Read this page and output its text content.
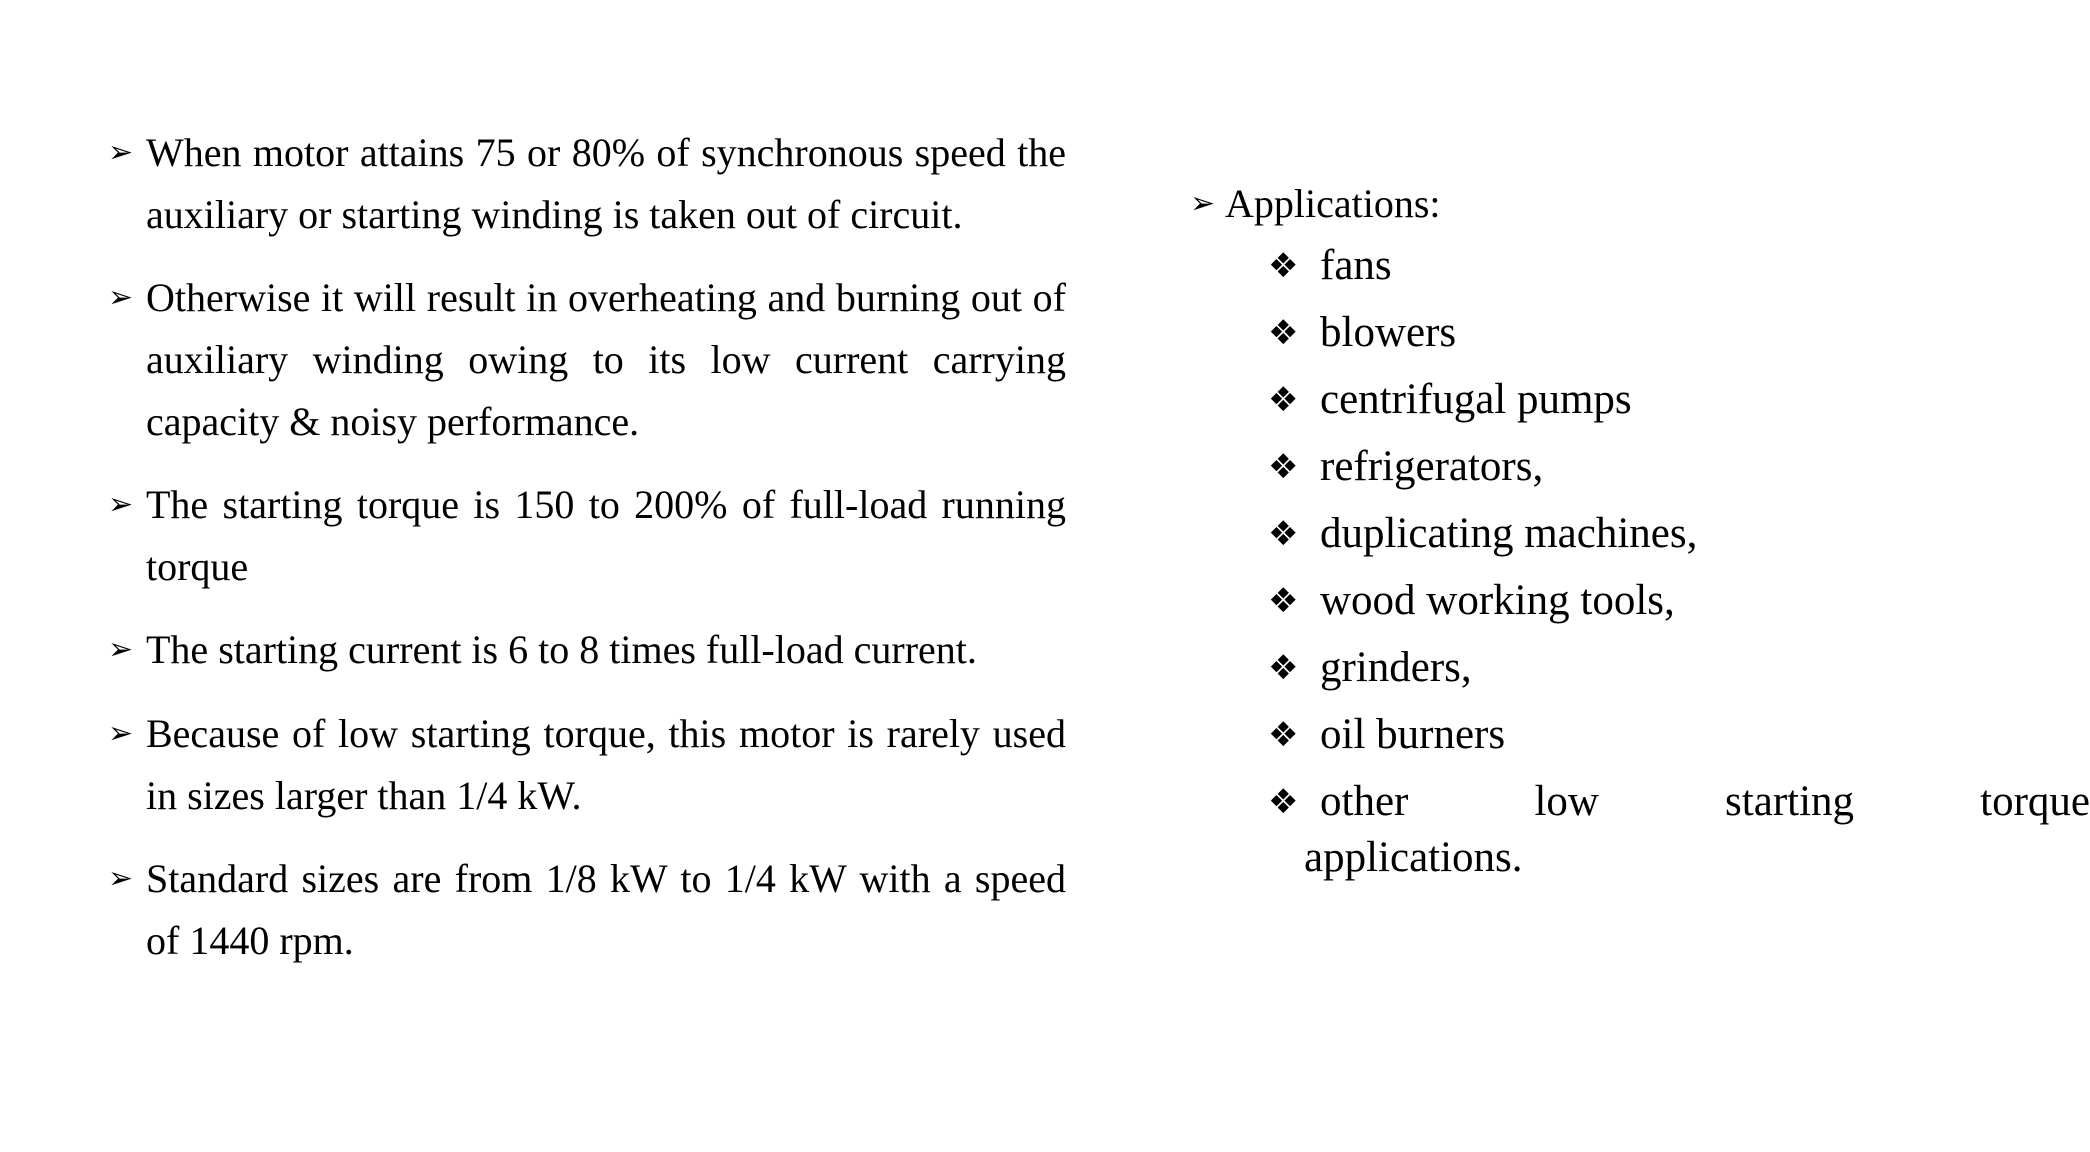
➢ When motor attains 75 or 80% of synchronous speed the auxiliary or starting winding is taken out of circuit.
➢ Otherwise it will result in overheating and burning out of auxiliary winding owing to its low current carrying capacity & noisy performance.
➢ The starting torque is 150 to 200% of full-load running torque
➢ The starting current is 6 to 8 times full-load current.
➢ Because of low starting torque, this motor is rarely used in sizes larger than 1/4 kW.
➢ Standard sizes are from 1/8 kW to 1/4 kW with a speed of 1440 rpm.
➢ Applications:
❖ fans
❖ blowers
❖ centrifugal pumps
❖ refrigerators,
❖ duplicating machines,
❖ wood working tools,
❖ grinders,
❖ oil burners
❖ other	low	starting	torque
applications.
